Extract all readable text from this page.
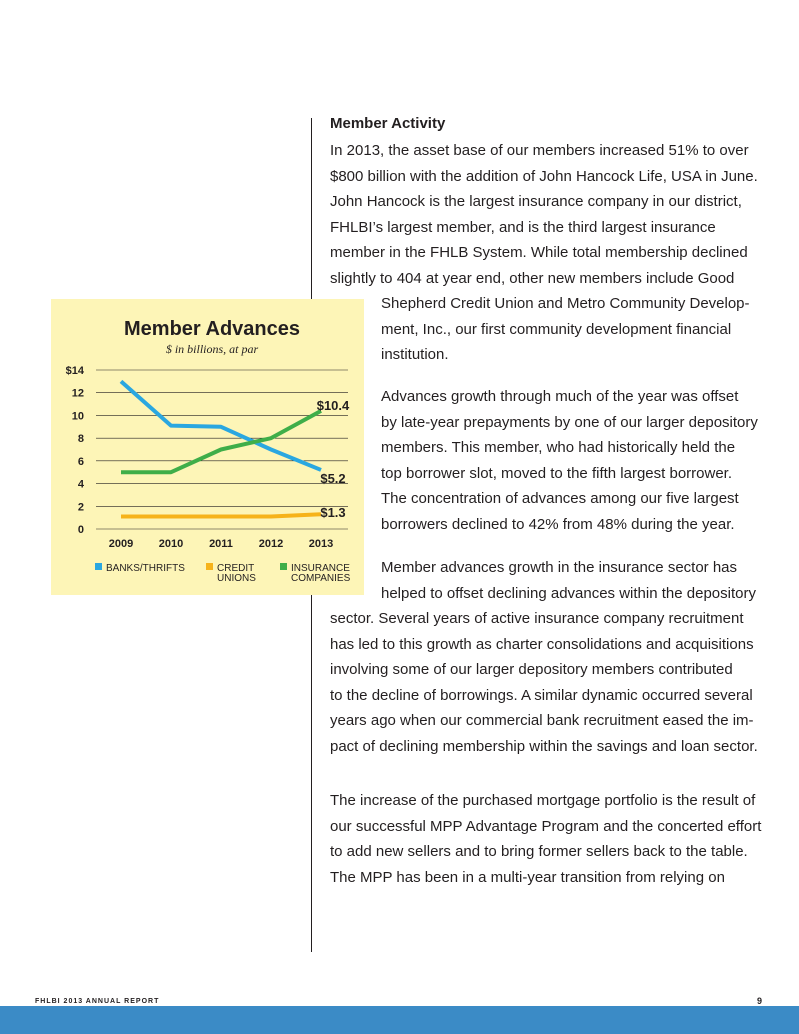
Member Activity
In 2013, the asset base of our members increased 51% to over
$800 billion with the addition of John Hancock Life, USA in June.
John Hancock is the largest insurance company in our district,
FHLBI’s largest member, and is the third largest insurance
member in the FHLB System. While total membership declined
slightly to 404 at year end, other new members include Good
Shepherd Credit Union and Metro Community Develop-
ment, Inc., our first community development financial
institution.
Advances growth through much of the year was offset
by late-year prepayments by one of our larger depository
members. This member, who had historically held the
top borrower slot, moved to the fifth largest borrower.
The concentration of advances among our five largest
borrowers declined to 42% from 48% during the year.
Member advances growth in the insurance sector has
helped to offset declining advances within the depository
sector. Several years of active insurance company recruitment
has led to this growth as charter consolidations and acquisitions
involving some of our larger depository members contributed
to the decline of borrowings. A similar dynamic occurred several
years ago when our commercial bank recruitment eased the im-
pact of declining membership within the savings and loan sector.
The increase of the purchased mortgage portfolio is the result of
our successful MPP Advantage Program and the concerted effort
to add new sellers and to bring former sellers back to the table.
The MPP has been in a multi-year transition from relying on
Member Advances
$ in billions, at par
0
2
4
6
8
10
12
$14
2009 2010 2011 2012 2013
$5.2
$1.3
$10.4
BANKS/THRIFTS	CREDIT
UNIONS
INSURANCE
COMPANIES
FHLBI 2013 ANNUAL REPORT	9
